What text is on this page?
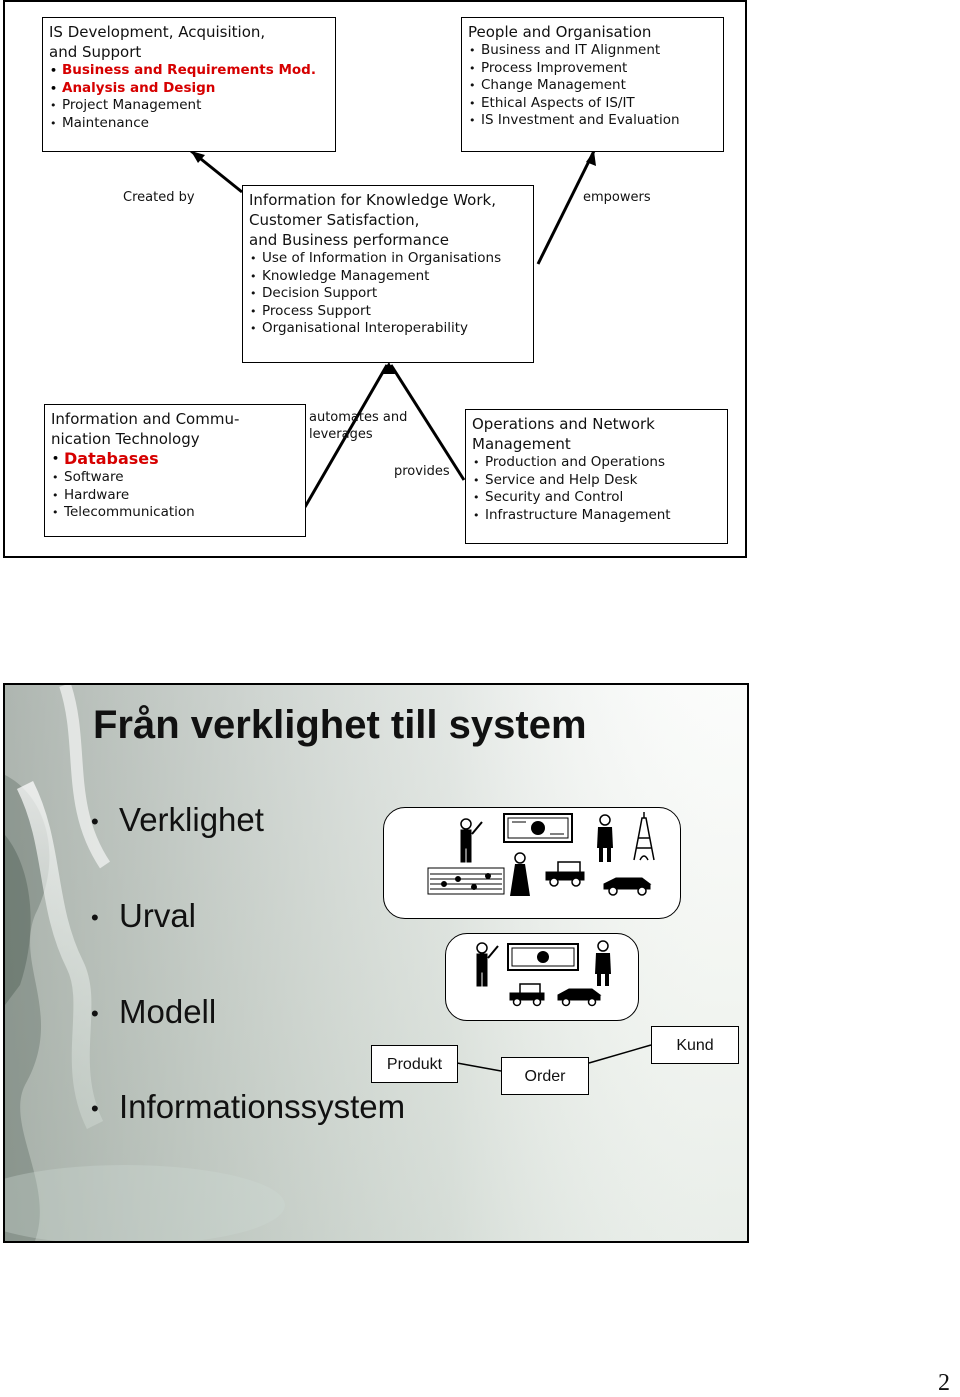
IS Development, Acquisition,
and Support
• Business and Requirements Mod.
• Analysis and Design
• Project Management
• Maintenance
People and Organisation
• Business and IT Alignment
• Process Improvement
• Change Management
• Ethical Aspects of IS/IT
• IS Investment and Evaluation
Created by	empowers
Information for Knowledge Work,
Customer Satisfaction,
and Business performance
• Use of Information in Organisations
• Knowledge Management
• Decision Support
• Process Support
• Organisational Interoperability
Information and Commu-
nication Technology
• Databases
• Software
• Hardware
• Telecommunication
automates and
leverages
provides
Operations and Network
Management
• Production and Operations
• Service and Help Desk
• Security and Control
• Infrastructure Management
Från verklighet till system
• Verklighet
• Urval
• Modell
• Informationssystem
Produkt
Order
Kund
2
